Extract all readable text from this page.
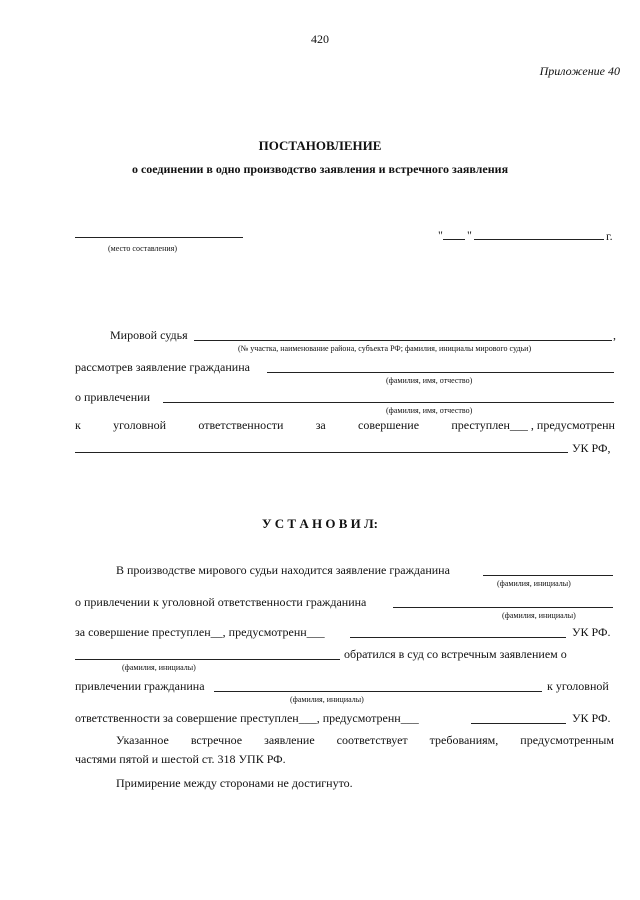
420
Приложение 40
ПОСТАНОВЛЕНИЕ
о соединении в одно производство заявления и встречного заявления
(место составления)
" "	г.
Мировой судья	,
(№ участка, наименование района, субъекта РФ; фамилия, инициалы мирового судьи)
рассмотрев заявление гражданина
(фамилия, имя, отчество)
о привлечении
(фамилия, имя, отчество)
к	уголовной	ответственности	за	совершение	преступлен___ , предусмотренн
УК РФ,
У С Т А Н О В И Л:
В производстве мирового судьи находится заявление гражданина
(фамилия, инициалы)
о привлечении к уголовной ответственности гражданина
(фамилия, инициалы)
за совершение преступлен__, предусмотренн___	УК РФ.
обратился в суд со встречным заявлением о
(фамилия, инициалы)
привлечении гражданина	к уголовной
(фамилия, инициалы)
ответственности за совершение преступлен___, предусмотренн___	УК РФ.
Указанное встречное заявление соответствует требованиям, предусмотренным
частями пятой и шестой ст. 318 УПК РФ.
Примирение между сторонами не достигнуто.
